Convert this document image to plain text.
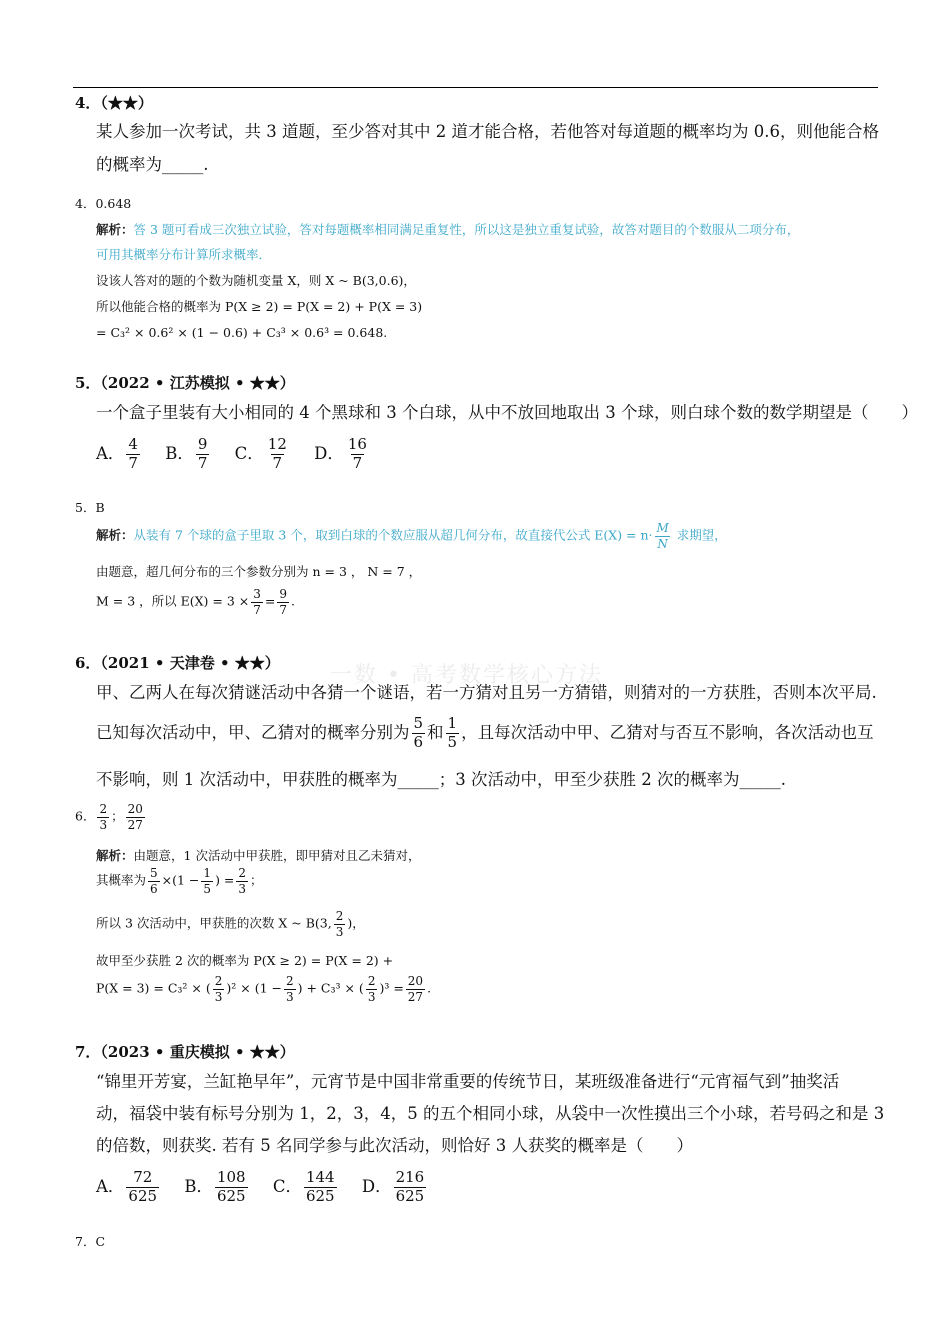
一数 • 高考数学核心方法
4．（★★）
某人参加一次考试，共 3 道题，至少答对其中 2 道才能合格，若他答对每道题的概率均为 0.6，则他能合格
的概率为_____.
4．0.648
解析：答 3 题可看成三次独立试验，答对每题概率相同满足重复性，所以这是独立重复试验，故答对题目的个数服从二项分布，
可用其概率分布计算所求概率．
设该人答对的题的个数为随机变量 X，则 X ~ B(3,0.6)，
所以他能合格的概率为 P(X ≥ 2) = P(X = 2) + P(X = 3)
= C₃² × 0.6² × (1 − 0.6) + C₃³ × 0.6³ = 0.648.
5．（2022 • 江苏模拟 • ★★）
一个盒子里装有大小相同的 4 个黑球和 3 个白球，从中不放回地取出 3 个球，则白球个数的数学期望是（　　）
A． $\frac{4}{7}$ B． $\frac{9}{7}$ C． $\frac{12}{7}$ D． $\frac{16}{7}$
5．B
解析：从装有 7 个球的盒子里取 3 个，取到白球的个数应服从超几何分布，故直接代公式 $E(X) = n\cdot \frac{M}{N}$ 求期望，
由题意，超几何分布的三个参数分别为 n = 3 ， N = 7 ，
M = 3 ，所以 $E(X) = 3 \times \frac{3}{7} = \frac{9}{7}$ .
6．（2021 • 天津卷 • ★★）
甲、乙两人在每次猜谜活动中各猜一个谜语，若一方猜对且另一方猜错，则猜对的一方获胜，否则本次平局.
已知每次活动中，甲、乙猜对的概率分别为 $\frac{5}{6}$ 和 $\frac{1}{5}$ ，且每次活动中甲、乙猜对与否互不影响，各次活动也互
不影响，则 1 次活动中，甲获胜的概率为_____；3 次活动中，甲至少获胜 2 次的概率为_____.
6． $\frac{2}{3}$ ； $\frac{20}{27}$
解析：由题意，1 次活动中甲获胜，即甲猜对且乙未猜对，
其概率为 $\frac{5}{6} \times(1 - \frac{1}{5}$ ) = $\frac{2}{3}$ ；
所以 3 次活动中，甲获胜的次数 X ~ B(3, $\frac{2}{3}$ )，
故甲至少获胜 2 次的概率为 P(X ≥ 2) = P(X = 2) +
P(X = 3) = C₃² × ( $\frac{2}{3} )^2 \times (1 - \frac{2}{3}$ ) + C₃³ × ( $\frac{2}{3} )^3 = \frac{20}{27}$ .
7．（2023 • 重庆模拟 • ★★）
“锦里开芳宴，兰缸艳早年”，元宵节是中国非常重要的传统节日，某班级准备进行“元宵福气到”抽奖活
动，福袋中装有标号分别为 1，2，3，4，5 的五个相同小球，从袋中一次性摸出三个小球，若号码之和是 3
的倍数，则获奖. 若有 5 名同学参与此次活动，则恰好 3 人获奖的概率是（　　）
A． $\frac{72}{625}$ B． $\frac{108}{625}$ C． $\frac{144}{625}$ D． $\frac{216}{625}$
7．C
